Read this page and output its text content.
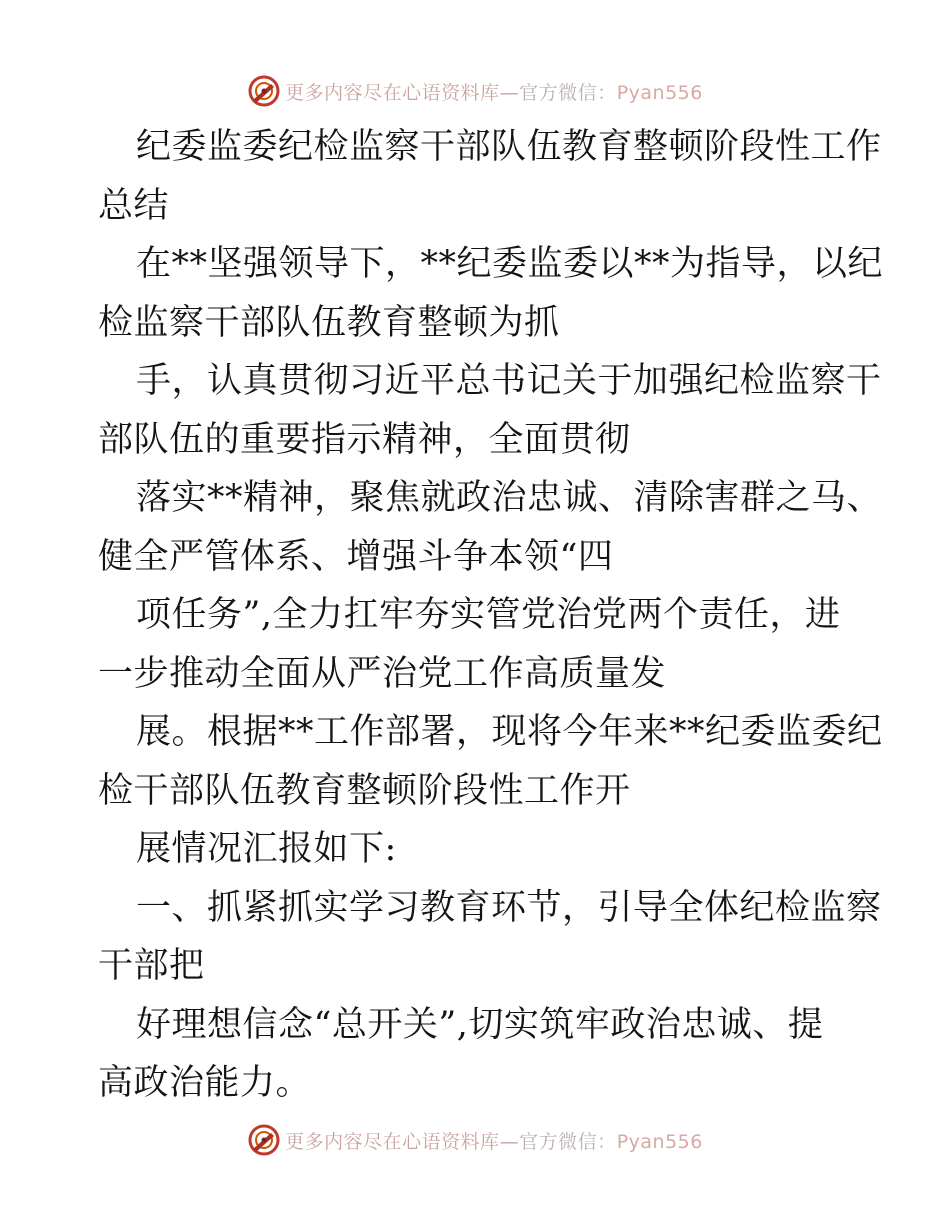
更多内容尽在心语资料库—官方微信：Pyan556
纪委监委纪检监察干部队伍教育整顿阶段性工作
总结
在**坚强领导下，**纪委监委以**为指导，以纪
检监察干部队伍教育整顿为抓
手，认真贯彻习近平总书记关于加强纪检监察干
部队伍的重要指示精神，全面贯彻
落实**精神，聚焦就政治忠诚、清除害群之马、
健全严管体系、增强斗争本领“四
项任务”,全力扛牢夯实管党治党两个责任，进
一步推动全面从严治党工作高质量发
展。根据**工作部署，现将今年来**纪委监委纪
检干部队伍教育整顿阶段性工作开
展情况汇报如下:
一、抓紧抓实学习教育环节，引导全体纪检监察
干部把
好理想信念“总开关”,切实筑牢政治忠诚、提
高政治能力。
更多内容尽在心语资料库—官方微信：Pyan556
